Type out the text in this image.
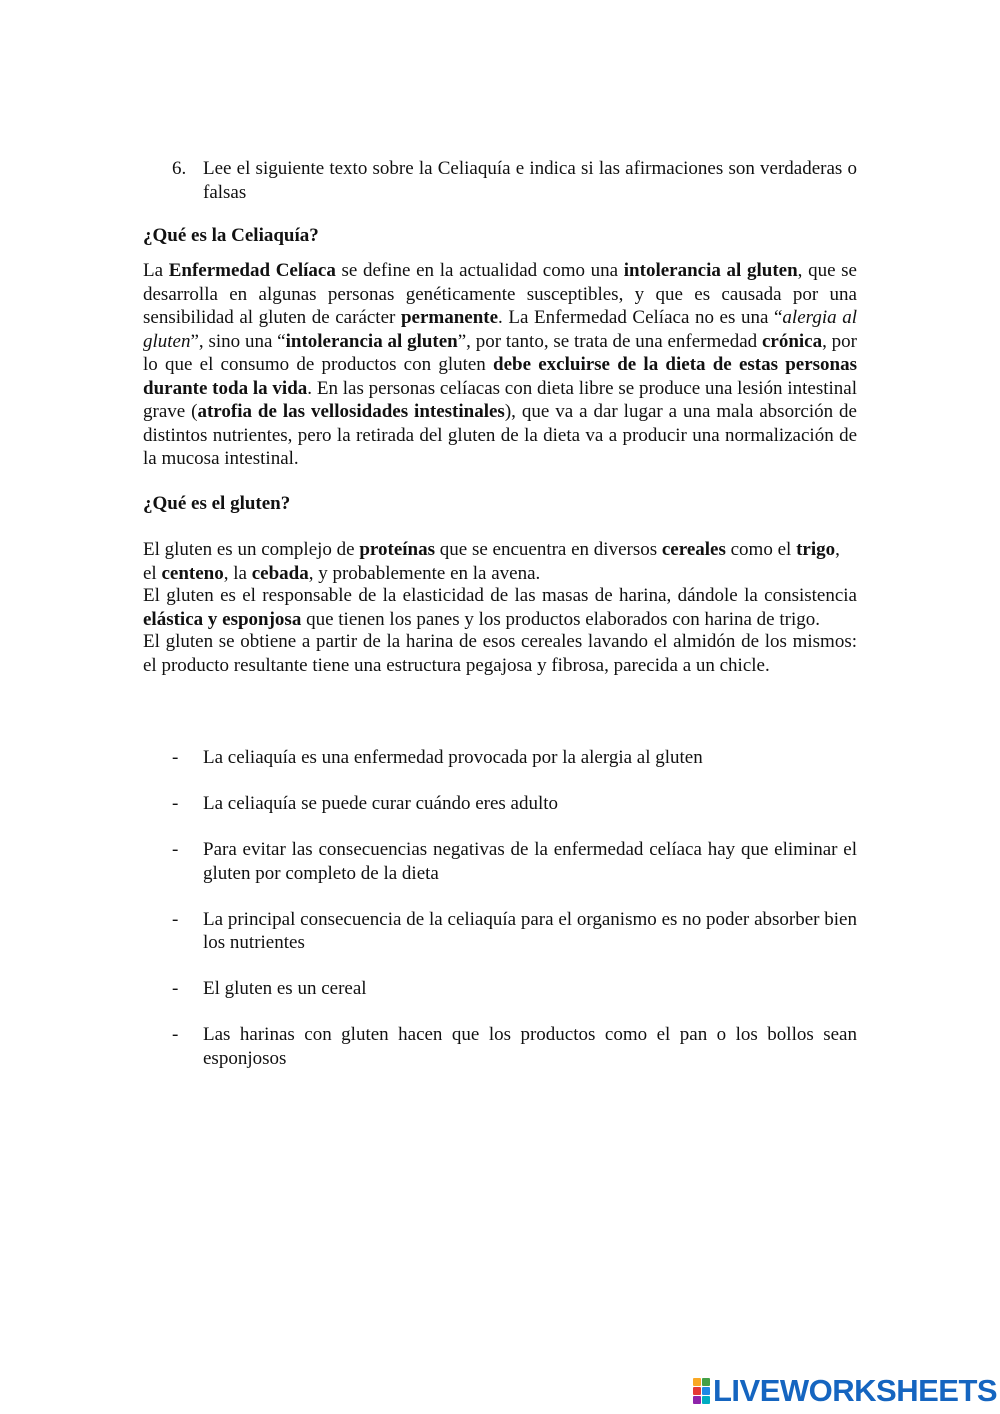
6. Lee el siguiente texto sobre la Celiaquía e indica si las afirmaciones son verdaderas o falsas
¿Qué es la Celiaquía?

La Enfermedad Celíaca se define en la actualidad como una intolerancia al gluten, que se desarrolla en algunas personas genéticamente susceptibles, y que es causada por una sensibilidad al gluten de carácter permanente. La Enfermedad Celíaca no es una “alergia al gluten”, sino una “intolerancia al gluten”, por tanto, se trata de una enfermedad crónica, por lo que el consumo de productos con gluten debe excluirse de la dieta de estas personas durante toda la vida. En las personas celíacas con dieta libre se produce una lesión intestinal grave (atrofia de las vellosidades intestinales), que va a dar lugar a una mala absorción de distintos nutrientes, pero la retirada del gluten de la dieta va a producir una normalización de la mucosa intestinal.

¿Qué es el gluten?

El gluten es un complejo de proteínas que se encuentra en diversos cereales como el trigo, el centeno, la cebada, y probablemente en la avena.

El gluten es el responsable de la elasticidad de las masas de harina, dándole la consistencia elástica y esponjosa que tienen los panes y los productos elaborados con harina de trigo.

El gluten se obtiene a partir de la harina de esos cereales lavando el almidón de los mismos: el producto resultante tiene una estructura pegajosa y fibrosa, parecida a un chicle.

- La celiaquía es una enfermedad provocada por la alergia al gluten
- La celiaquía se puede curar cuándo eres adulto
- Para evitar las consecuencias negativas de la enfermedad celíaca hay que eliminar el gluten por completo de la dieta
- La principal consecuencia de la celiaquía para el organismo es no poder absorber bien los nutrientes
- El gluten es un cereal
- Las harinas con gluten hacen que los productos como el pan o los bollos sean esponjosos
LIVEWORKSHEETS
